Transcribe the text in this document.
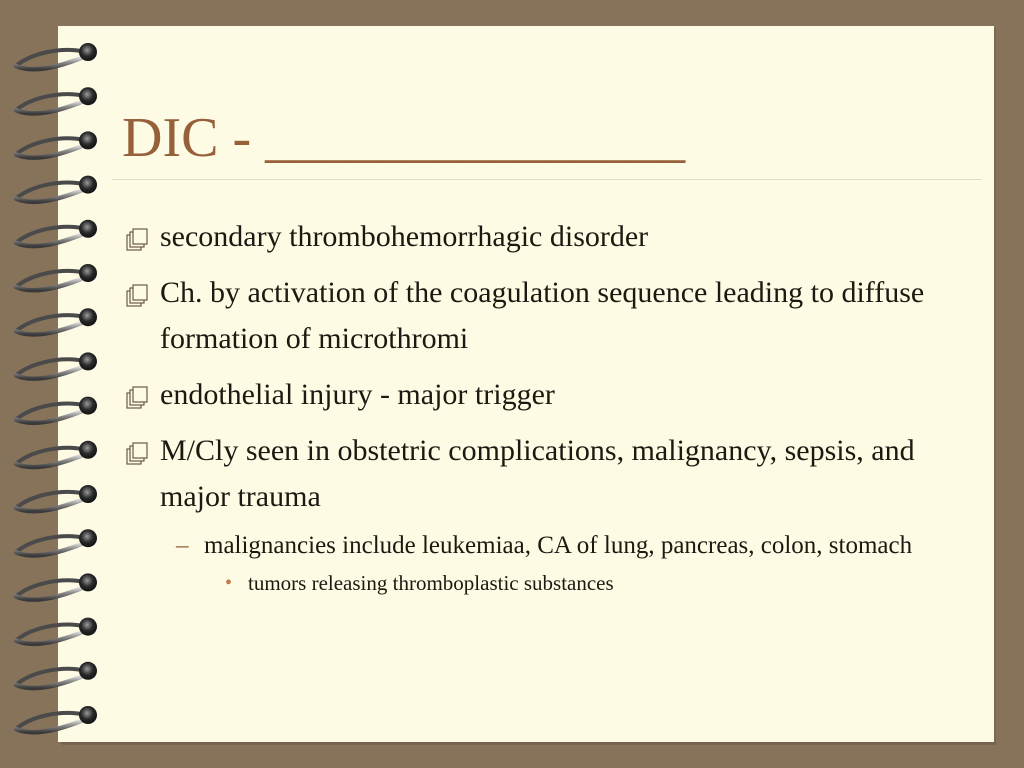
DIC - _______________
secondary thrombohemorrhagic disorder
Ch. by activation of the coagulation sequence leading to diffuse formation of microthromi
endothelial injury - major trigger
M/Cly seen in obstetric complications, malignancy, sepsis, and major trauma
– malignancies include leukemiaa, CA of lung, pancreas, colon, stomach
• tumors releasing thromboplastic substances
